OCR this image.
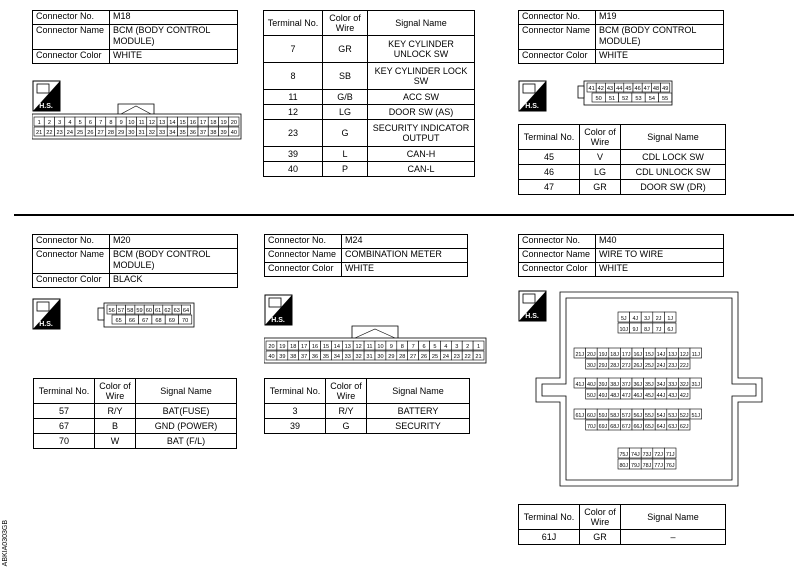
Connector No.	M18
Connector Name	BCM (BODY CONTROL MODULE)
Connector Color	WHITE
H.S.
1 2 3 4 5 6 7 8 9 10 11 12 13 14 15 16 17 18 19 20
21 22 23 24 25 26 27 28 29 30 31 32 33 34 35 36 37 38 39 40
Terminal No.	Color of Wire	Signal Name
7	GR	KEY CYLINDER UNLOCK SW
8	SB	KEY CYLINDER LOCK SW
11	G/B	ACC SW
12	LG	DOOR SW (AS)
23	G	SECURITY INDICATOR OUTPUT
39	L	CAN-H
40	P	CAN-L
Connector No.	M19
Connector Name	BCM (BODY CONTROL MODULE)
Connector Color	WHITE
H.S.
41 42 43 44 45 46 47 48 49
50 51 52 53 54 55
Terminal No.	Color of Wire	Signal Name
45	V	CDL LOCK SW
46	LG	CDL UNLOCK SW
47	GR	DOOR SW (DR)
Connector No.	M20
Connector Name	BCM (BODY CONTROL MODULE)
Connector Color	BLACK
H.S.
56 57 58 59 60 61 62 63 64
65 66 67 68 69 70
Terminal No.	Color of Wire	Signal Name
57	R/Y	BAT(FUSE)
67	B	GND (POWER)
70	W	BAT (F/L)
Connector No.	M24
Connector Name	COMBINATION METER
Connector Color	WHITE
H.S.
20 19 18 17 16 15 14 13 12 11 10 9 8 7 6 5 4 3 2 1
40 39 38 37 36 35 34 33 32 31 30 29 28 27 26 25 24 23 22 21
Terminal No.	Color of Wire	Signal Name
3	R/Y	BATTERY
39	G	SECURITY
Connector No.	M40
Connector Name	WIRE TO WIRE
Connector Color	WHITE
H.S.	5J 4J 3J 2J 1J
10J 9J 8J 7J 6J
21J 20J 19J 18J 17J 16J 15J 14J 13J 12J 11J
30J 29J 28J 27J 26J 25J 24J 23J 22J
41J 40J 39J 38J 37J 36J 35J 34J 33J 32J 31J
50J 49J 48J 47J 46J 45J 44J 43J 42J
61J 60J 59J 58J 57J 56J 55J 54J 53J 52J 51J
70J 69J 68J 67J 66J 65J 64J 63J 62J
75J 74J 73J 72J 71J
80J 79J 78J 77J 76J
Terminal No.	Color of Wire	Signal Name
61J	GR	–
ABKIA0303GB
